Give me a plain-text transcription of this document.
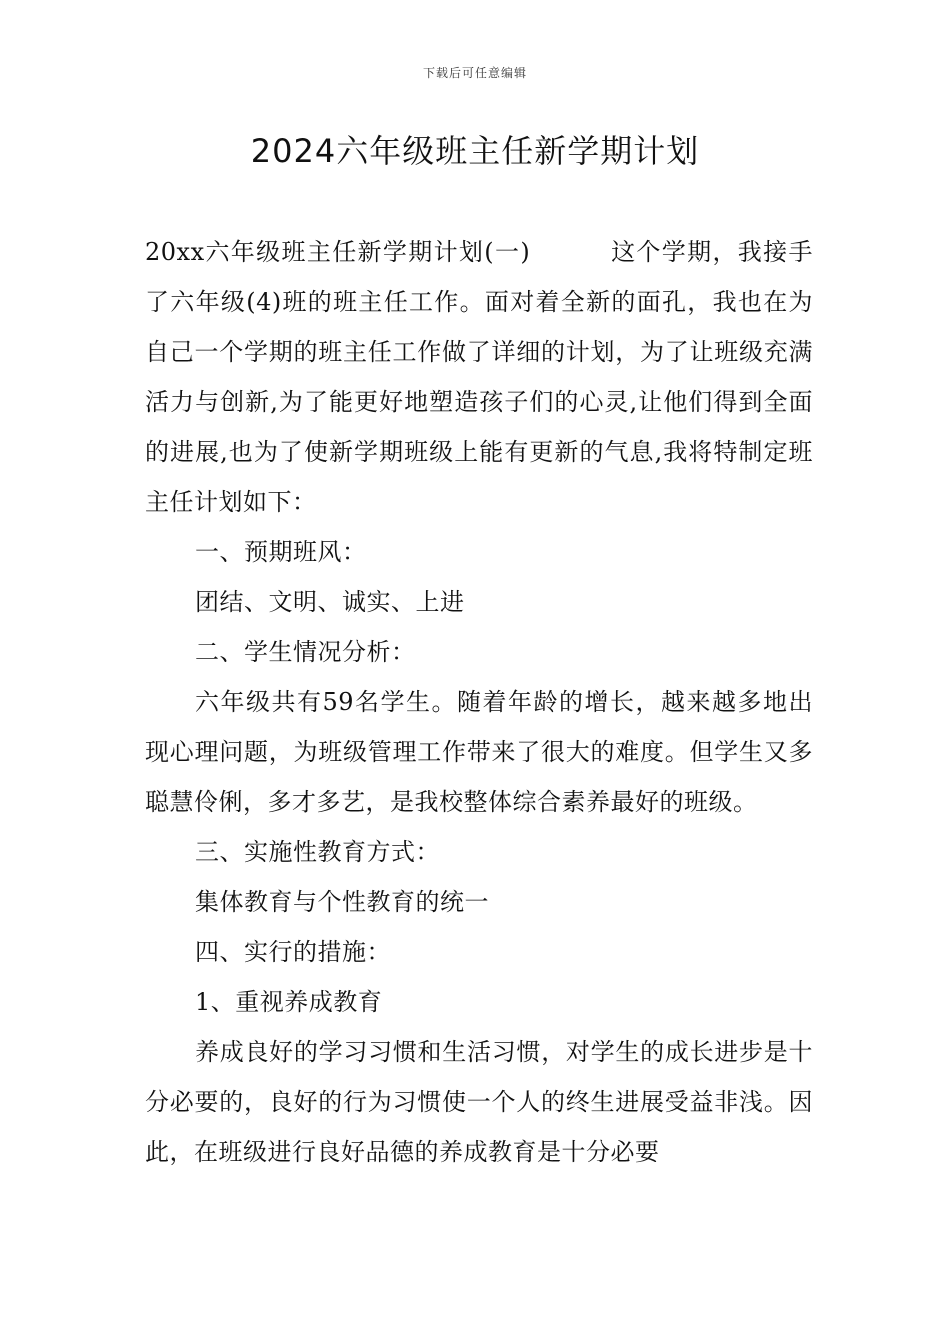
下载后可任意编辑
2024六年级班主任新学期计划

20xx六年级班主任新学期计划(一)	这个学期，我接手了六年级(4)班的班主任工作。面对着全新的面孔，我也在为自己一个学期的班主任工作做了详细的计划，为了让班级充满活力与创新,为了能更好地塑造孩子们的心灵,让他们得到全面的进展,也为了使新学期班级上能有更新的气息,我将特制定班主任计划如下：

一、预期班风：

团结、文明、诚实、上进

二、学生情况分析：

六年级共有59名学生。随着年龄的增长，越来越多地出现心理问题，为班级管理工作带来了很大的难度。但学生又多聪慧伶俐，多才多艺，是我校整体综合素养最好的班级。

三、实施性教育方式：

集体教育与个性教育的统一

四、实行的措施：

1、重视养成教育

养成良好的学习习惯和生活习惯，对学生的成长进步是十分必要的，良好的行为习惯使一个人的终生进展受益非浅。因此，在班级进行良好品德的养成教育是十分必要
